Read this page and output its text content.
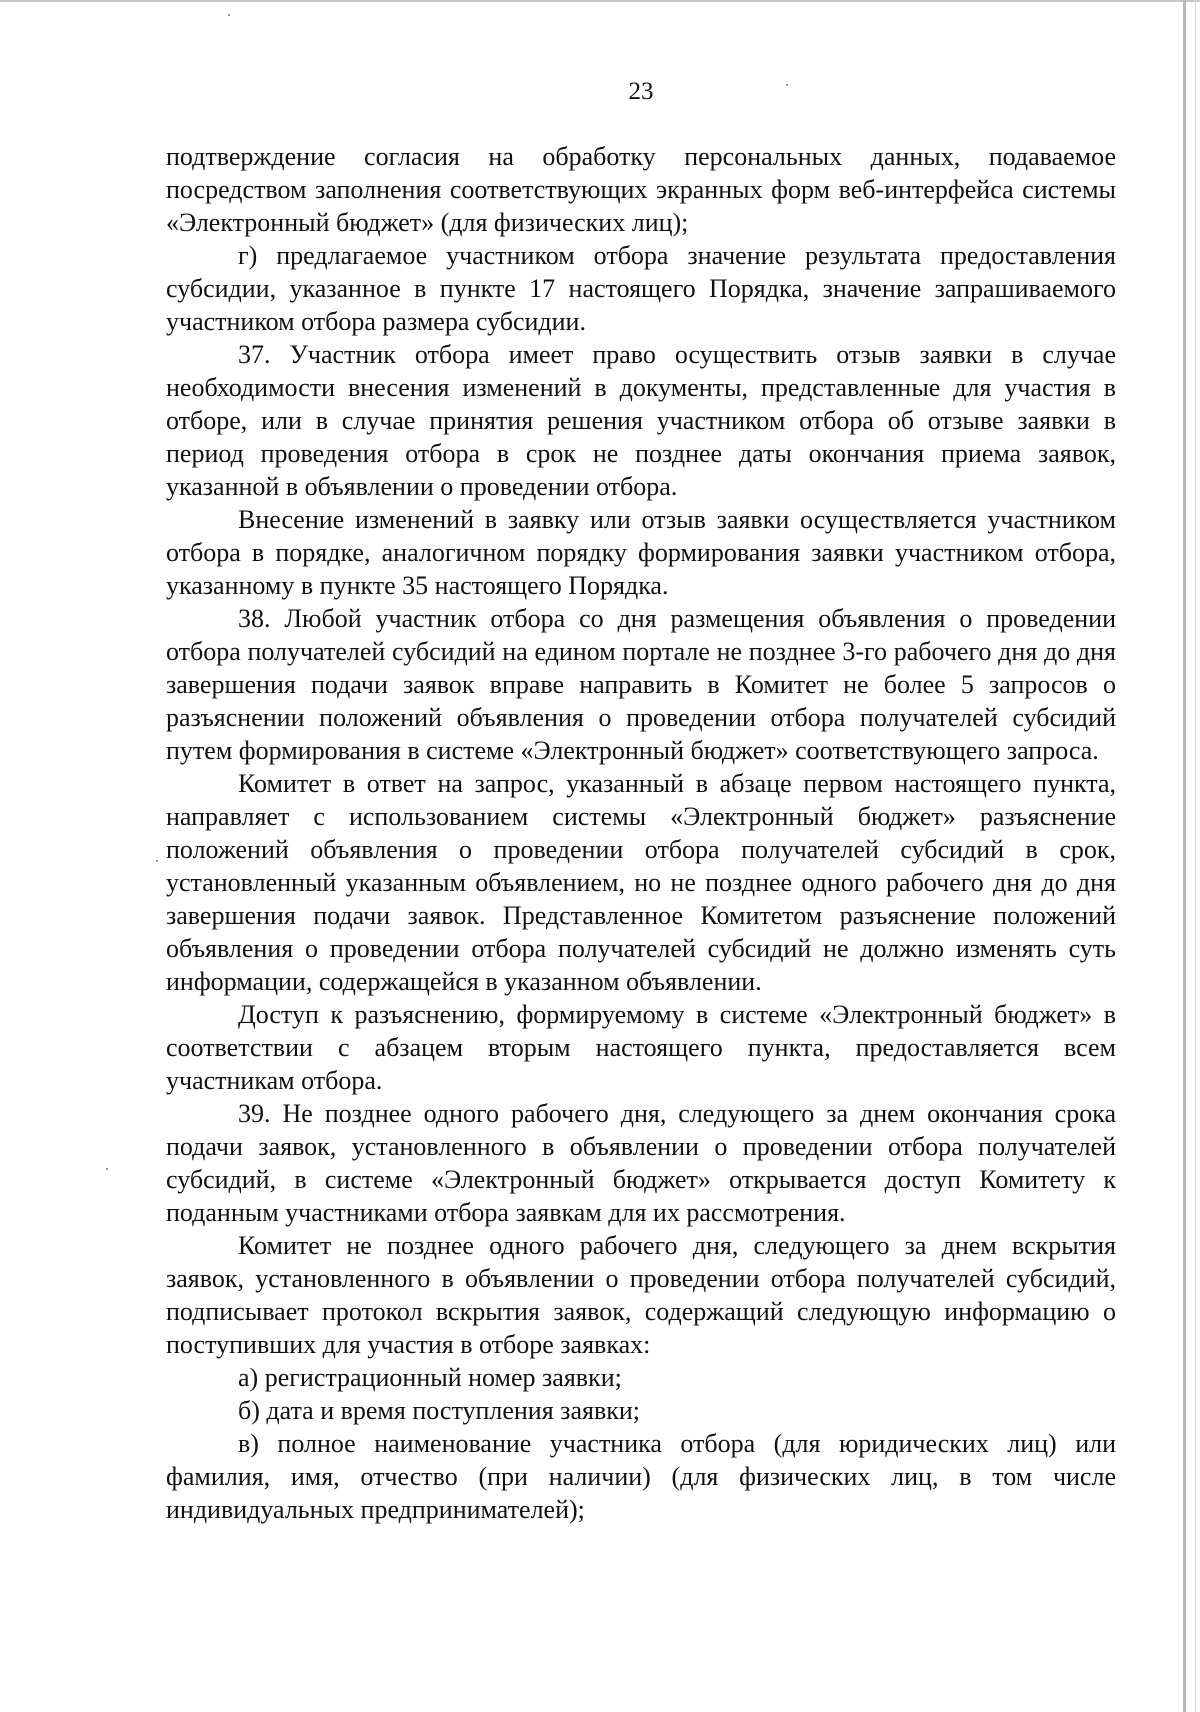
23

подтверждение согласия на обработку персональных данных, подаваемое посредством заполнения соответствующих экранных форм веб-интерфейса системы «Электронный бюджет» (для физических лиц);

г) предлагаемое участником отбора значение результата предоставления субсидии, указанное в пункте 17 настоящего Порядка, значение запрашиваемого участником отбора размера субсидии.

37. Участник отбора имеет право осуществить отзыв заявки в случае необходимости внесения изменений в документы, представленные для участия в отборе, или в случае принятия решения участником отбора об отзыве заявки в период проведения отбора в срок не позднее даты окончания приема заявок, указанной в объявлении о проведении отбора.

Внесение изменений в заявку или отзыв заявки осуществляется участником отбора в порядке, аналогичном порядку формирования заявки участником отбора, указанному в пункте 35 настоящего Порядка.

38. Любой участник отбора со дня размещения объявления о проведении отбора получателей субсидий на едином портале не позднее 3-го рабочего дня до дня завершения подачи заявок вправе направить в Комитет не более 5 запросов о разъяснении положений объявления о проведении отбора получателей субсидий путем формирования в системе «Электронный бюджет» соответствующего запроса.

Комитет в ответ на запрос, указанный в абзаце первом настоящего пункта, направляет с использованием системы «Электронный бюджет» разъяснение положений объявления о проведении отбора получателей субсидий в срок, установленный указанным объявлением, но не позднее одного рабочего дня до дня завершения подачи заявок. Представленное Комитетом разъяснение положений объявления о проведении отбора получателей субсидий не должно изменять суть информации, содержащейся в указанном объявлении.

Доступ к разъяснению, формируемому в системе «Электронный бюджет» в соответствии с абзацем вторым настоящего пункта, предоставляется всем участникам отбора.

39. Не позднее одного рабочего дня, следующего за днем окончания срока подачи заявок, установленного в объявлении о проведении отбора получателей субсидий, в системе «Электронный бюджет» открывается доступ Комитету к поданным участниками отбора заявкам для их рассмотрения.

Комитет не позднее одного рабочего дня, следующего за днем вскрытия заявок, установленного в объявлении о проведении отбора получателей субсидий, подписывает протокол вскрытия заявок, содержащий следующую информацию о поступивших для участия в отборе заявках:

а) регистрационный номер заявки;

б) дата и время поступления заявки;

в) полное наименование участника отбора (для юридических лиц) или фамилия, имя, отчество (при наличии) (для физических лиц, в том числе индивидуальных предпринимателей);
